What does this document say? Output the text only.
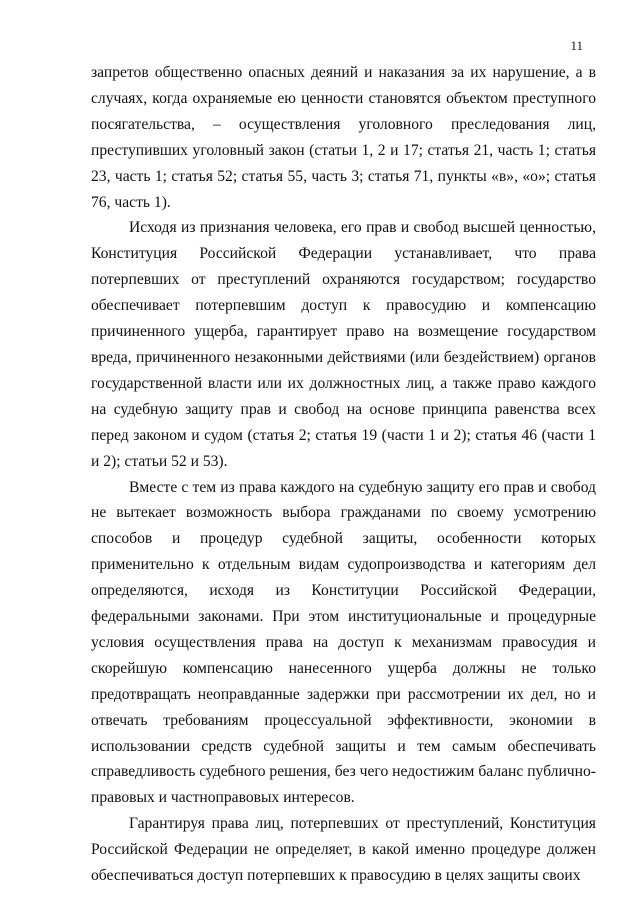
11

запретов общественно опасных деяний и наказания за их нарушение, а в случаях, когда охраняемые ею ценности становятся объектом преступного посягательства, – осуществления уголовного преследования лиц, преступивших уголовный закон (статьи 1, 2 и 17; статья 21, часть 1; статья 23, часть 1; статья 52; статья 55, часть 3; статья 71, пункты «в», «о»; статья 76, часть 1).

Исходя из признания человека, его прав и свобод высшей ценностью, Конституция Российской Федерации устанавливает, что права потерпевших от преступлений охраняются государством; государство обеспечивает потерпевшим доступ к правосудию и компенсацию причиненного ущерба, гарантирует право на возмещение государством вреда, причиненного незаконными действиями (или бездействием) органов государственной власти или их должностных лиц, а также право каждого на судебную защиту прав и свобод на основе принципа равенства всех перед законом и судом (статья 2; статья 19 (части 1 и 2); статья 46 (части 1 и 2); статьи 52 и 53).

Вместе с тем из права каждого на судебную защиту его прав и свобод не вытекает возможность выбора гражданами по своему усмотрению способов и процедур судебной защиты, особенности которых применительно к отдельным видам судопроизводства и категориям дел определяются, исходя из Конституции Российской Федерации, федеральными законами. При этом институциональные и процедурные условия осуществления права на доступ к механизмам правосудия и скорейшую компенсацию нанесенного ущерба должны не только предотвращать неоправданные задержки при рассмотрении их дел, но и отвечать требованиям процессуальной эффективности, экономии в использовании средств судебной защиты и тем самым обеспечивать справедливость судебного решения, без чего недостижим баланс публично-правовых и частноправовых интересов.

Гарантируя права лиц, потерпевших от преступлений, Конституция Российской Федерации не определяет, в какой именно процедуре должен обеспечиваться доступ потерпевших к правосудию в целях защиты своих
